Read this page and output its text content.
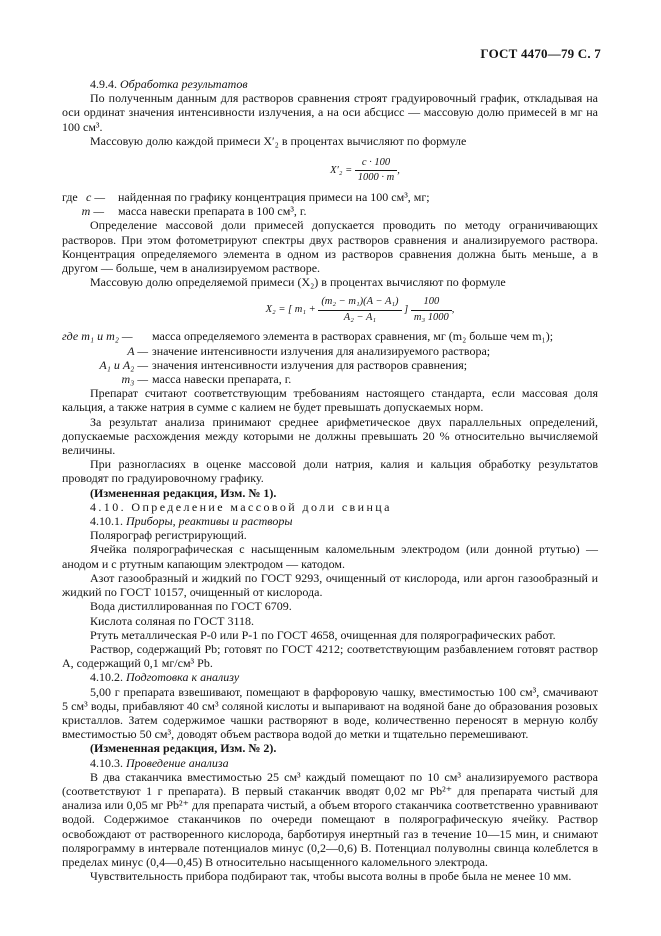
ГОСТ 4470—79 С. 7

4.9.4. Обработка результатов

По полученным данным для растворов сравнения строят градуировочный график, откладывая на оси ординат значения интенсивности излучения, а на оси абсцисс — массовую долю примесей в мг на 100 см³.

Массовую долю каждой примеси X′₂ в процентах вычисляют по формуле

$X'_2 = \frac{c \cdot 100}{1000 \cdot m}$ ,
где с —	найденная по графику концентрация примеси на 100 см³, мг;
m —	масса навески препарата в 100 см³, г.

Определение массовой доли примесей допускается проводить по методу ограничивающих растворов. При этом фотометрируют спектры двух растворов сравнения и анализируемого раствора. Концентрация определяемого элемента в одном из растворов сравнения должна быть меньше, а в другом — больше, чем в анализируемом растворе.

Массовую долю определяемой примеси (X₂) в процентах вычисляют по формуле

X₂ = [ $m_1 + \frac{\text{(m₂ − m₁)(A − A₁)}}{\text{A₂ − A₁}}$ ] $\frac{100}{\text{m₃ 1000}}$ ,
где m₁ и m₂ —	масса определяемого элемента в растворах сравнения, мг (m₂ больше чем m₁);
A — значение интенсивности излучения для анализируемого раствора;
A₁ и A₂ — значения интенсивности излучения для растворов сравнения;
m₃ — масса навески препарата, г.

Препарат считают соответствующим требованиям настоящего стандарта, если массовая доля кальция, а также натрия в сумме с калием не будет превышать допускаемых норм.

За результат анализа принимают среднее арифметическое двух параллельных определений, допускаемые расхождения между которыми не должны превышать 20 % относительно вычисляемой величины.

При разногласиях в оценке массовой доли натрия, калия и кальция обработку результатов проводят по градуировочному графику.

(Измененная редакция, Изм. № 1).

4.10. Определение массовой доли свинца

4.10.1. Приборы, реактивы и растворы

Полярограф регистрирующий.

Ячейка полярографическая с насыщенным каломельным электродом (или донной ртутью) — анодом и с ртутным капающим электродом — катодом.

Азот газообразный и жидкий по ГОСТ 9293, очищенный от кислорода, или аргон газообразный и жидкий по ГОСТ 10157, очищенный от кислорода.

Вода дистиллированная по ГОСТ 6709.

Кислота соляная по ГОСТ 3118.

Ртуть металлическая Р-0 или Р-1 по ГОСТ 4658, очищенная для полярографических работ.

Раствор, содержащий Pb; готовят по ГОСТ 4212; соответствующим разбавлением готовят раствор А, содержащий 0,1 мг/см³ Pb.

4.10.2. Подготовка к анализу

5,00 г препарата взвешивают, помещают в фарфоровую чашку, вместимостью 100 см³, смачивают 5 см³ воды, прибавляют 40 см³ соляной кислоты и выпаривают на водяной бане до образования розовых кристаллов. Затем содержимое чашки растворяют в воде, количественно переносят в мерную колбу вместимостью 50 см³, доводят объем раствора водой до метки и тщательно перемешивают.

(Измененная редакция, Изм. № 2).

4.10.3. Проведение анализа

В два стаканчика вместимостью 25 см³ каждый помещают по 10 см³ анализируемого раствора (соответствуют 1 г препарата). В первый стаканчик вводят 0,02 мг Pb²⁺ для препарата чистый для анализа или 0,05 мг Pb²⁺ для препарата чистый, а объем второго стаканчика соответственно уравнивают водой. Содержимое стаканчиков по очереди помещают в полярографическую ячейку. Раствор освобождают от растворенного кислорода, барботируя инертный газ в течение 10—15 мин, и снимают полярограмму в интервале потенциалов минус (0,2—0,6) В. Потенциал полуволны свинца колеблется в пределах минус (0,4—0,45) В относительно насыщенного каломельного электрода.

Чувствительность прибора подбирают так, чтобы высота волны в пробе была не менее 10 мм.
